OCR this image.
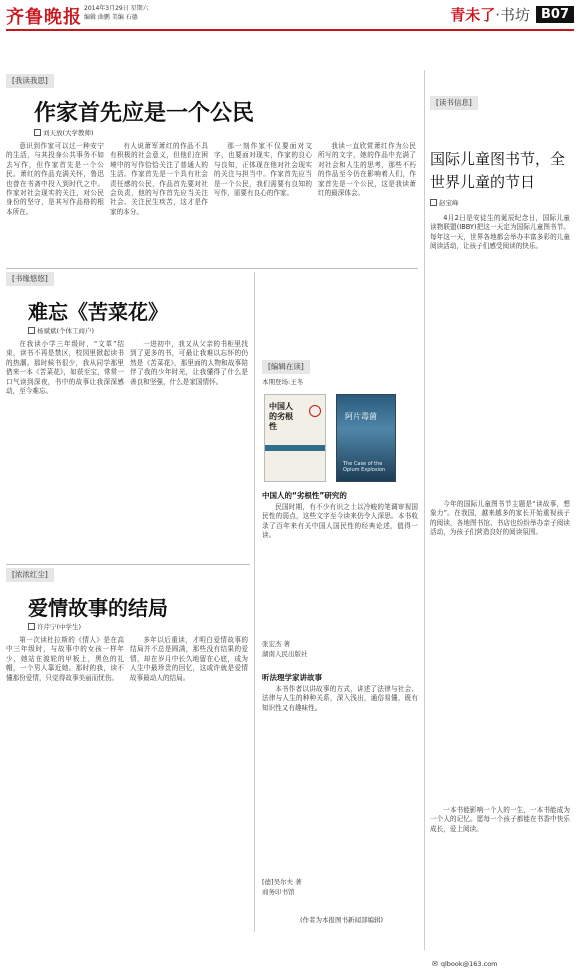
齐鲁晚报 2014年3月29日 星期六
编辑 曲鹏 美编 石德	青未了·书坊 B07
[我读我思]
作家首先应是一个公民
刘天放(大学教师)
意识到作家可以过一种安宁的生活，与其投身公共事务不如去写作，但作家首先是一个公民。萧红的作品充满关怀，鲁迅也曾在书斋中投入到时代之中。作家对社会现实的关注，对公民身份的坚守，是其写作品格的根本所在。
有人说萧军萧红的作品不具有积极的社会意义，但他们在困境中的写作恰恰关注了普通人的生活。作家首先是一个具有社会责任感的公民，作品首先要对社会负责，他的写作首先应当关注社会、关注民生疾苦，这才是作家的本分。
那一刻作家不仅要面对文字，也要面对现实，作家的良心与良知，正体现在他对社会现实的关注与担当中。作家首先应当是一个公民，我们需要有良知的写作，需要有良心的作家。
我读一直欣赏萧红作为公民所写的文字，她的作品中充满了对社会和人生的思考，那些不朽的作品至今仍在影响着人们，作家首先是一个公民，这是我读萧红的最深体会。
[书缘悠悠]
难忘《苦菜花》
杨斌斌(个体工商户)
在我读小学三年级时，“文革”结束，读书不再是禁区，校园里掀起读书的热潮。那时候书很少，我从同学那里借来一本《苦菜花》，如获至宝，常常一口气读到深夜，书中的故事让我深深感动，至今难忘。
一进初中，我又从父亲的书柜里找到了更多的书，可最让我难以忘怀的仍然是《苦菜花》，那里面的人物和故事陪伴了我的少年时光，让我懂得了什么是善良和坚强，什么是家国情怀。
[浓浓红尘]
爱情故事的结局
许芹宁(中学生)
第一次读杜拉斯的《情人》是在高中三年级时，与故事中的女孩一样年少，她站在渡轮的甲板上，黑色的礼帽，一个男人靠近她。那时的我，读不懂那份爱情，只觉得故事美丽而忧伤。
多年以后重读，才明白爱情故事的结局并不总是圆满，那些没有结果的爱情，却在岁月中长久地留在心底，成为人生中最珍贵的回忆，这或许就是爱情故事最动人的结局。
[编辑在读]
本期登场:王冬
中国人的劣根性
阿片毒菌
The Case of the Opium Explosion
中国人的“劣根性”研究的
民国时期，有不少有识之士以冷峻的笔调审视国民性的弱点，这些文字至今读来仍令人深思。本书收录了百年来有关中国人国民性的经典论述，值得一读。
张宏杰 著
湖南人民出版社
听法理学家讲故事
本书作者以讲故事的方式，讲述了法律与社会、法律与人生的种种关系，深入浅出，通俗易懂，既有知识性又有趣味性。
[德]吴尔夫 著
商务印书馆
(作者为本报图书新闻部编辑)
[读书信息]
国际儿童图书节，全世界儿童的节日
赵宝峰
4月2日是安徒生的诞辰纪念日，国际儿童读物联盟(IBBY)把这一天定为国际儿童图书节。每年这一天，世界各地都会举办丰富多彩的儿童阅读活动，让孩子们感受阅读的快乐。
今年的国际儿童图书节主题是“读故事，想象力”。在我国，越来越多的家长开始重视孩子的阅读，各地图书馆、书店也纷纷举办亲子阅读活动，为孩子们营造良好的阅读氛围。
一本书能影响一个人的一生，一本书能成为一个人的记忆。愿每一个孩子都能在书香中快乐成长，爱上阅读。
✉ qlbook@163.com
